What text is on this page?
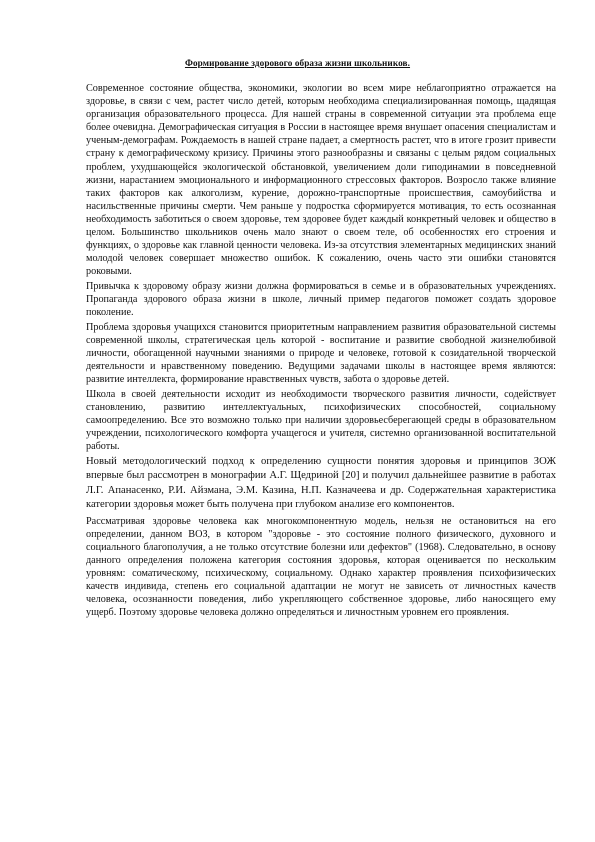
Формирование здорового образа жизни школьников.

Современное состояние общества, экономики, экологии во всем мире неблагоприятно отражается на здоровье, в связи с чем, растет число детей, которым необходима специализированная помощь, щадящая организация образовательного процесса. Для нашей страны в современной ситуации эта проблема еще более очевидна. Демографическая ситуация в России в настоящее время внушает опасения специалистам и ученым-демографам. Рождаемость в нашей стране падает, а смертность растет, что в итоге грозит привести страну к демографическому кризису. Причины этого разнообразны и связаны с целым рядом социальных проблем, ухудшающейся экологической обстановкой, увеличением доли гиподинамии в повседневной жизни, нарастанием эмоционального и информационного стрессовых факторов. Возросло также влияние таких факторов как алкоголизм, курение, дорожно-транспортные происшествия, самоубийства и насильственные причины смерти. Чем раньше у подростка сформируется мотивация, то есть осознанная необходимость заботиться о своем здоровье, тем здоровее будет каждый конкретный человек и общество в целом. Большинство школьников очень мало знают о своем теле, об особенностях его строения и функциях, о здоровье как главной ценности человека. Из-за отсутствия элементарных медицинских знаний молодой человек совершает множество ошибок. К сожалению, очень часто эти ошибки становятся роковыми.

Привычка к здоровому образу жизни должна формироваться в семье и в образовательных учреждениях. Пропаганда здорового образа жизни в школе, личный пример педагогов поможет создать здоровое поколение.

Проблема здоровья учащихся становится приоритетным направлением развития образовательной системы современной школы, стратегическая цель которой - воспитание и развитие свободной жизнелюбивой личности, обогащенной научными знаниями о природе и человеке, готовой к созидательной творческой деятельности и нравственному поведению. Ведущими задачами школы в настоящее время являются: развитие интеллекта, формирование нравственных чувств, забота о здоровье детей.

Школа в своей деятельности исходит из необходимости творческого развития личности, содействует становлению, развитию интеллектуальных, психофизических способностей, социальному самоопределению. Все это возможно только при наличии здоровьесберегающей среды в образовательном учреждении, психологического комфорта учащегося и учителя, системно организованной воспитательной работы.

Новый методологический подход к определению сущности понятия здоровья и принципов ЗОЖ впервые был рассмотрен в монографии А.Г. Щедриной [20] и получил дальнейшее развитие в работах Л.Г. Апанасенко, Р.И. Айзмана, Э.М. Казина, Н.П. Казначеева и др. Содержательная характеристика категории здоровья может быть получена при глубоком анализе его компонентов.

Рассматривая здоровье человека как многокомпонентную модель, нельзя не остановиться на его определении, данном ВОЗ, в котором "здоровье - это состояние полного физического, духовного и социального благополучия, а не только отсутствие болезни или дефектов" (1968). Следовательно, в основу данного определения положена категория состояния здоровья, которая оценивается по нескольким уровням: соматическому, психическому, социальному. Однако характер проявления психофизических качеств индивида, степень его социальной адаптации не могут не зависеть от личностных качеств человека, осознанности поведения, либо укрепляющего собственное здоровье, либо наносящего ему ущерб. Поэтому здоровье человека должно определяться и личностным уровнем его проявления.
